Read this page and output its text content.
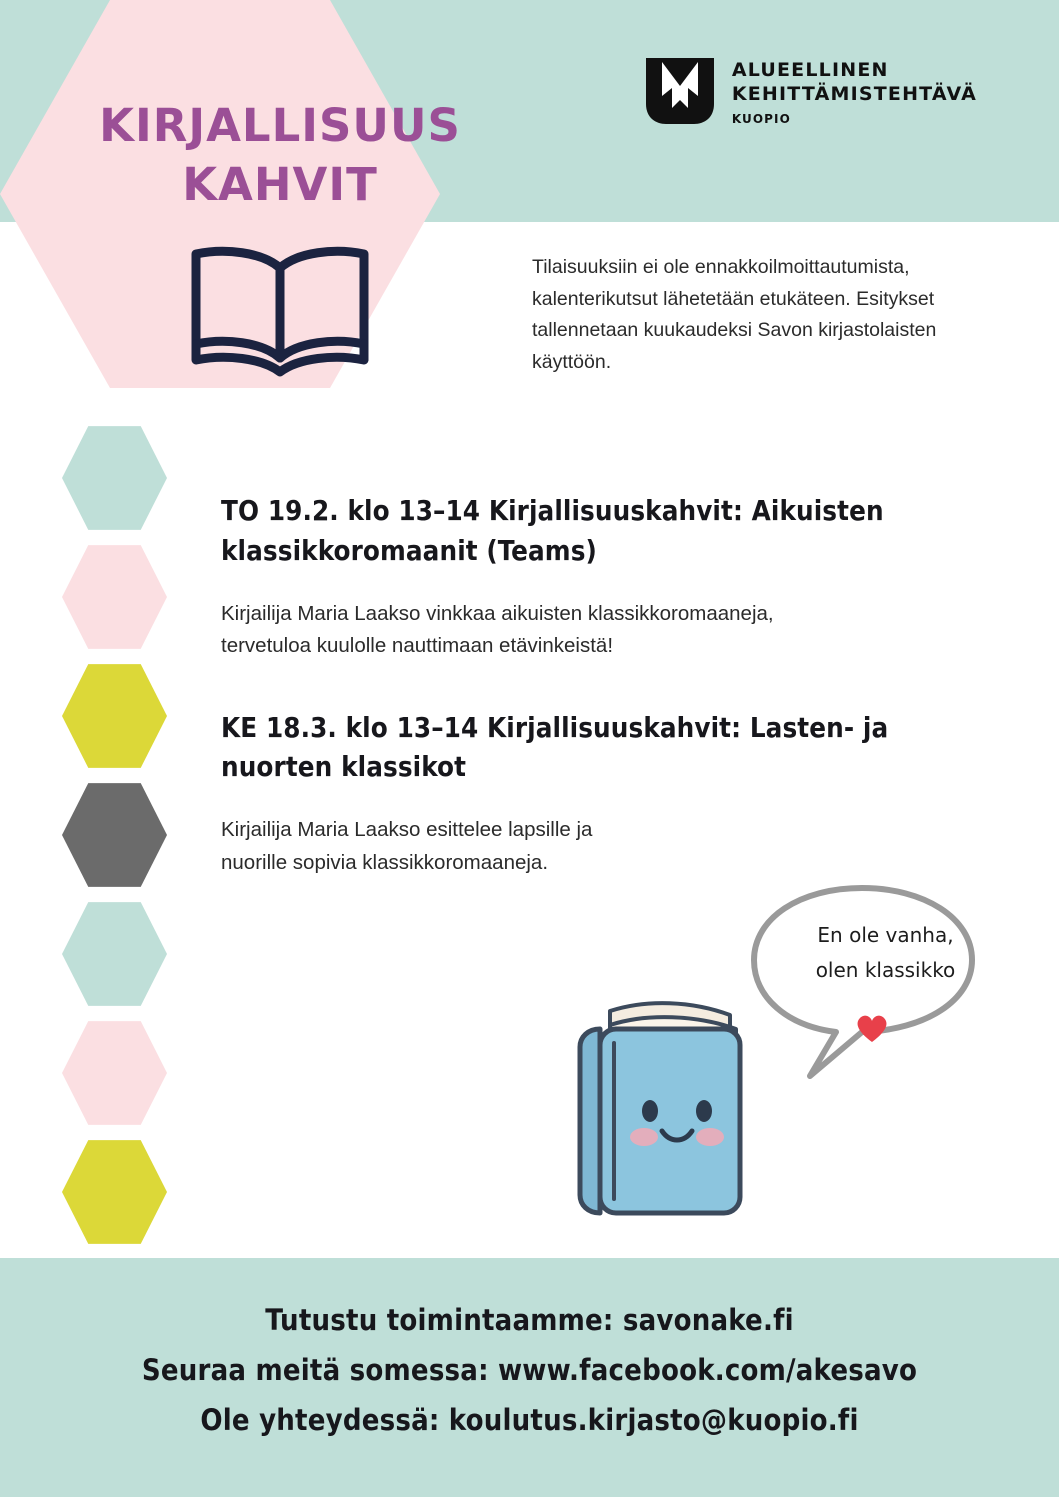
KIRJALLISUUS
KAHVIT
ALUEELLINEN
KEHITTÄMISTEHTÄVÄ
KUOPIO
Tilaisuuksiin ei ole ennakkoilmoittautumista, kalenterikutsut lähetetään etukäteen. Esitykset tallennetaan kuukaudeksi Savon kirjastolaisten käyttöön.
TO 19.2. klo 13–14 Kirjallisuuskahvit: Aikuisten klassikkoromaanit (Teams)
Kirjailija Maria Laakso vinkkaa aikuisten klassikkoromaaneja, tervetuloa kuulolle nauttimaan etävinkeistä!
KE 18.3. klo 13–14 Kirjallisuuskahvit: Lasten- ja nuorten klassikot
Kirjailija Maria Laakso esittelee lapsille ja nuorille sopivia klassikkoromaaneja.
En ole vanha,
olen klassikko
Tutustu toimintaamme: savonake.fi
Seuraa meitä somessa: www.facebook.com/akesavo
Ole yhteydessä: koulutus.kirjasto@kuopio.fi
